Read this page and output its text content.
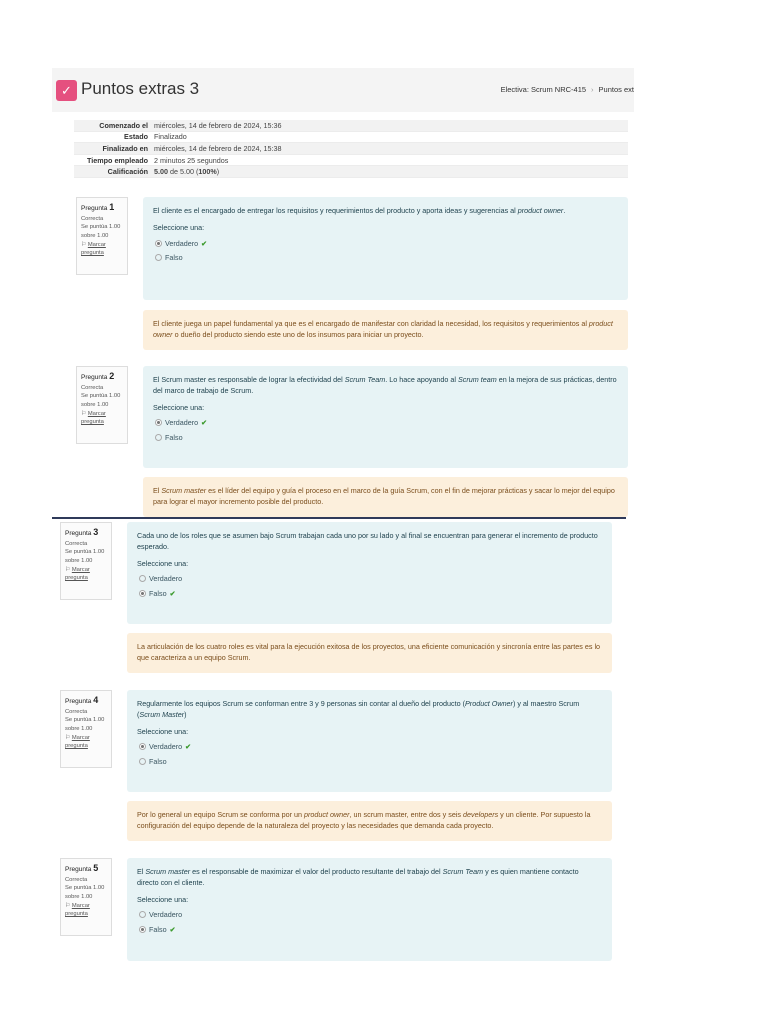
✓ Puntos extras 3	Electiva: Scrum NRC-415 › Puntos ext
Comenzado el	miércoles, 14 de febrero de 2024, 15:36
Estado	Finalizado
Finalizado en	miércoles, 14 de febrero de 2024, 15:38
Tiempo empleado	2 minutos 25 segundos
Calificación	5.00 de 5.00 (100%)
Pregunta 1
Correcta
Se puntúa 1.00 sobre 1.00
⚐ Marcar pregunta
El cliente es el encargado de entregar los requisitos y requerimientos del producto y aporta ideas y sugerencias al product owner.
Seleccione una:
Verdadero ✔
Falso
El cliente juega un papel fundamental ya que es el encargado de manifestar con claridad la necesidad, los requisitos y requerimientos al product owner o dueño del producto siendo este uno de los insumos para iniciar un proyecto.
Pregunta 2
Correcta
Se puntúa 1.00 sobre 1.00
⚐ Marcar pregunta
El Scrum master es responsable de lograr la efectividad del Scrum Team. Lo hace apoyando al Scrum team en la mejora de sus prácticas, dentro del marco de trabajo de Scrum.
Seleccione una:
Verdadero ✔
Falso
El Scrum master es el líder del equipo y guía el proceso en el marco de la guía Scrum, con el fin de mejorar prácticas y sacar lo mejor del equipo para lograr el mayor incremento posible del producto.
Pregunta 3
Correcta
Se puntúa 1.00 sobre 1.00
⚐ Marcar pregunta
Cada uno de los roles que se asumen bajo Scrum trabajan cada uno por su lado y al final se encuentran para generar el incremento de producto esperado.
Seleccione una:
Verdadero
Falso ✔
La articulación de los cuatro roles es vital para la ejecución exitosa de los proyectos, una eficiente comunicación y sincronía entre las partes es lo que caracteriza a un equipo Scrum.
Pregunta 4
Correcta
Se puntúa 1.00 sobre 1.00
⚐ Marcar pregunta
Regularmente los equipos Scrum se conforman entre 3 y 9 personas sin contar al dueño del producto (Product Owner) y al maestro Scrum (Scrum Master)
Seleccione una:
Verdadero ✔
Falso
Por lo general un equipo Scrum se conforma por un product owner, un scrum master, entre dos y seis developers y un cliente. Por supuesto la configuración del equipo depende de la naturaleza del proyecto y las necesidades que demanda cada proyecto.
Pregunta 5
Correcta
Se puntúa 1.00 sobre 1.00
⚐ Marcar pregunta
El Scrum master es el responsable de maximizar el valor del producto resultante del trabajo del Scrum Team y es quien mantiene contacto directo con el cliente.
Seleccione una:
Verdadero
Falso ✔
